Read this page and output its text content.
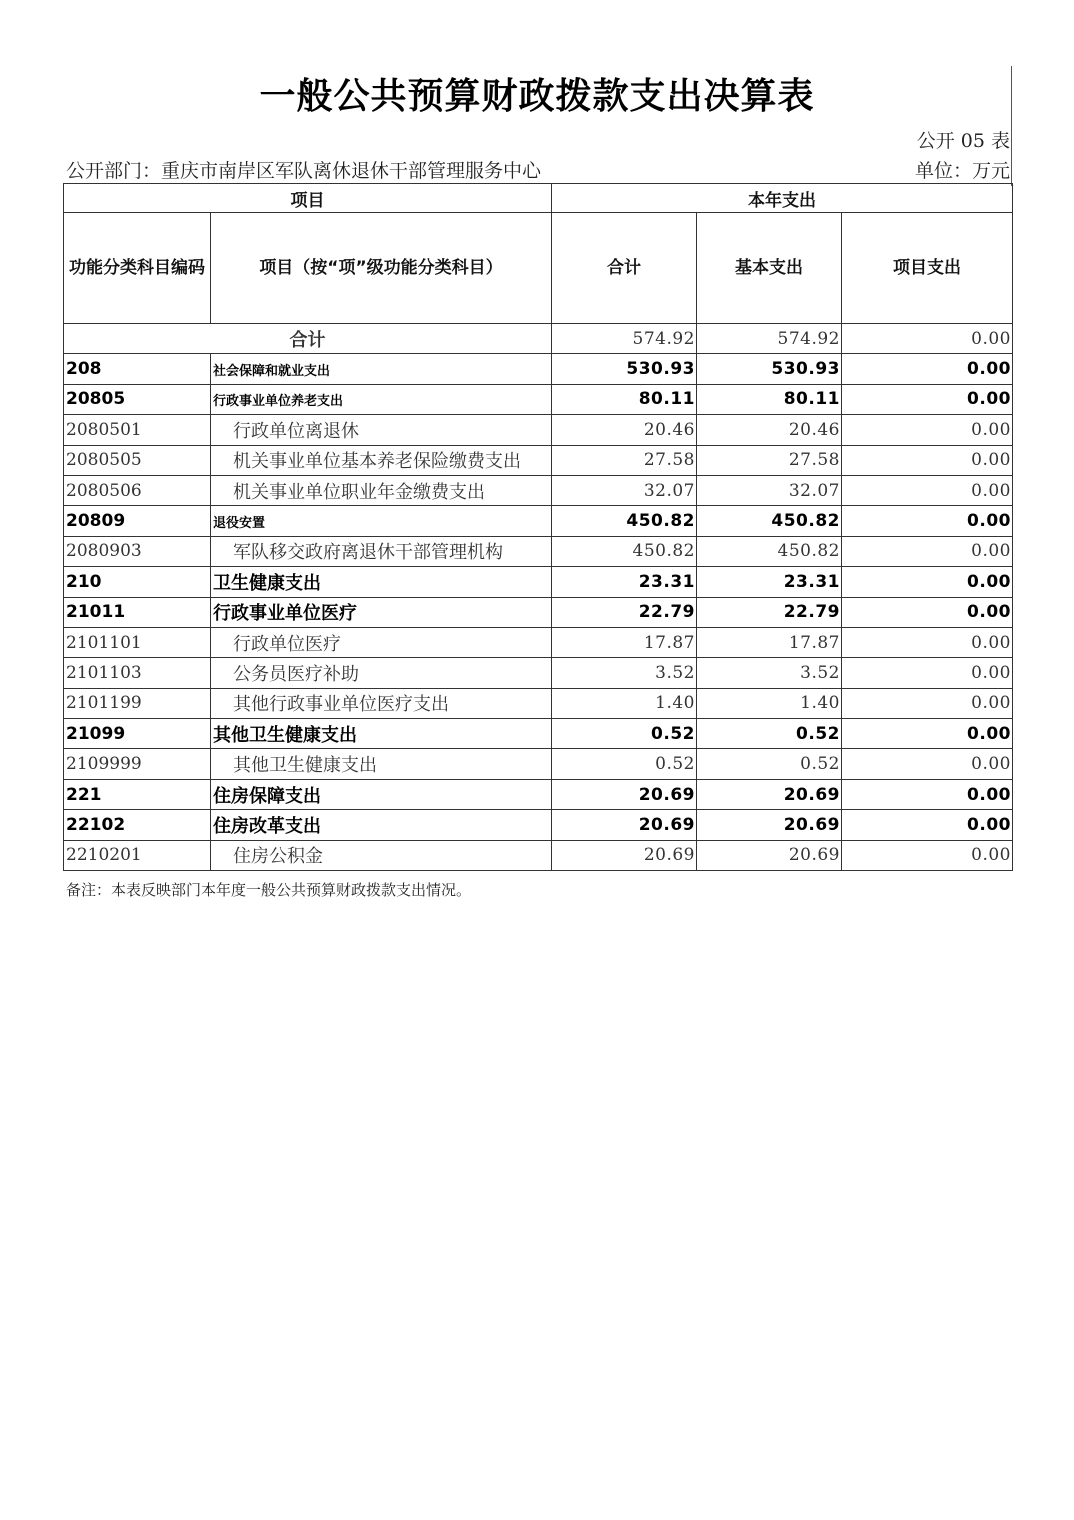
一般公共预算财政拨款支出决算表
公开 05 表
公开部门：重庆市南岸区军队离休退休干部管理服务中心	单位：万元
项目		本年支出		
功能分类科目编码	项目（按“项”级功能分类科目）	合计	基本支出	项目支出
合计		574.92	574.92	0.00
208	社会保障和就业支出	530.93	530.93	0.00
20805	行政事业单位养老支出	80.11	80.11	0.00
2080501	行政单位离退休	20.46	20.46	0.00
2080505	机关事业单位基本养老保险缴费支出	27.58	27.58	0.00
2080506	机关事业单位职业年金缴费支出	32.07	32.07	0.00
20809	退役安置	450.82	450.82	0.00
2080903	军队移交政府离退休干部管理机构	450.82	450.82	0.00
210	卫生健康支出	23.31	23.31	0.00
21011	行政事业单位医疗	22.79	22.79	0.00
2101101	行政单位医疗	17.87	17.87	0.00
2101103	公务员医疗补助	3.52	3.52	0.00
2101199	其他行政事业单位医疗支出	1.40	1.40	0.00
21099	其他卫生健康支出	0.52	0.52	0.00
2109999	其他卫生健康支出	0.52	0.52	0.00
221	住房保障支出	20.69	20.69	0.00
22102	住房改革支出	20.69	20.69	0.00
2210201	住房公积金	20.69	20.69	0.00
备注：本表反映部门本年度一般公共预算财政拨款支出情况。
